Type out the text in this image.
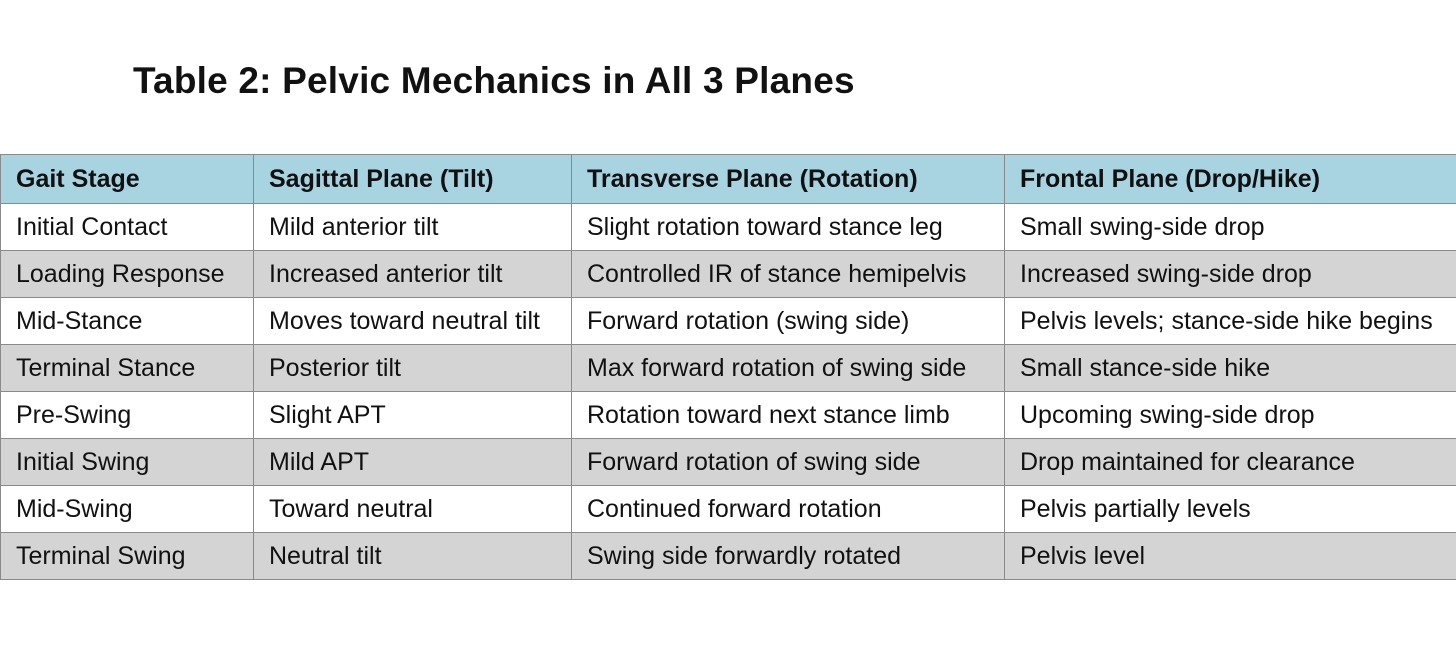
Table 2: Pelvic Mechanics in All 3 Planes
Gait Stage	Sagittal Plane (Tilt)	Transverse Plane (Rotation)	Frontal Plane (Drop/Hike)
Initial Contact	Mild anterior tilt	Slight rotation toward stance leg	Small swing-side drop
Loading Response	Increased anterior tilt	Controlled IR of stance hemipelvis	Increased swing-side drop
Mid-Stance	Moves toward neutral tilt	Forward rotation (swing side)	Pelvis levels; stance-side hike begins
Terminal Stance	Posterior tilt	Max forward rotation of swing side	Small stance-side hike
Pre-Swing	Slight APT	Rotation toward next stance limb	Upcoming swing-side drop
Initial Swing	Mild APT	Forward rotation of swing side	Drop maintained for clearance
Mid-Swing	Toward neutral	Continued forward rotation	Pelvis partially levels
Terminal Swing	Neutral tilt	Swing side forwardly rotated	Pelvis level
